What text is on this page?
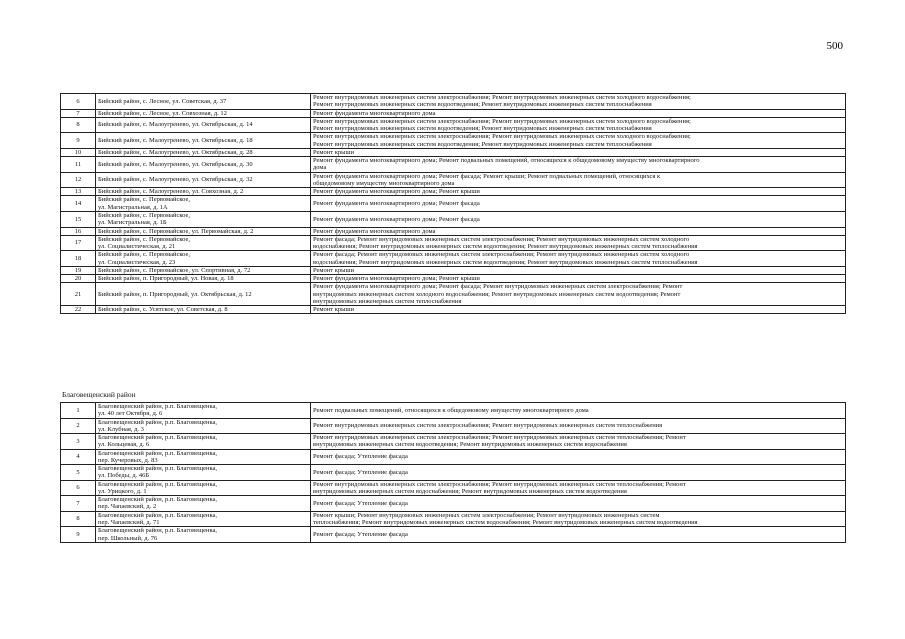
500
6	Бийский район, с. Лесное, ул. Советская, д. 37	Ремонт внутридомовых инженерных систем электроснабжения; Ремонт внутридомовых инженерных систем холодного водоснабжения;
Ремонт внутридомовых инженерных систем водоотведения; Ремонт внутридомовых инженерных систем теплоснабжения

7	Бийский район, с. Лесное, ул. Совхозная, д. 12	Ремонт фундамента многоквартирного дома

8	Бийский район, с. Малоугренево, ул. Октябрьская, д. 14	Ремонт внутридомовых инженерных систем электроснабжения; Ремонт внутридомовых инженерных систем холодного водоснабжения;
Ремонт внутридомовых инженерных систем водоотведения; Ремонт внутридомовых инженерных систем теплоснабжения

9	Бийский район, с. Малоугренево, ул. Октябрьская, д. 18	Ремонт внутридомовых инженерных систем электроснабжения; Ремонт внутридомовых инженерных систем холодного водоснабжения;
Ремонт внутридомовых инженерных систем водоотведения; Ремонт внутридомовых инженерных систем теплоснабжения

10	Бийский район, с. Малоугренево, ул. Октябрьская, д. 28	Ремонт крыши

11	Бийский район, с. Малоугренево, ул. Октябрьская, д. 30	Ремонт фундамента многоквартирного дома; Ремонт подвальных помещений, относящихся к общедомовому имуществу многоквартирного
дома

12	Бийский район, с. Малоугренево, ул. Октябрьская, д. 32	Ремонт фундамента многоквартирного дома; Ремонт фасада; Ремонт крыши; Ремонт подвальных помещений, относящихся к
общедомовому имуществу многоквартирного дома

13	Бийский район, с. Малоугренево, ул. Совхозная, д. 2	Ремонт фундамента многоквартирного дома; Ремонт крыши

14	Бийский район, с. Первомайское,
ул. Магистральная, д. 1А	Ремонт фундамента многоквартирного дома; Ремонт фасада

15	Бийский район, с. Первомайское,
ул. Магистральная, д. 1Б	Ремонт фундамента многоквартирного дома; Ремонт фасада

16	Бийский район, с. Первомайское, ул. Первомайская, д. 2	Ремонт фундамента многоквартирного дома

17	Бийский район, с. Первомайское,
ул. Социалистическая, д. 21	Ремонт фасада; Ремонт внутридомовых инженерных систем электроснабжения; Ремонт внутридомовых инженерных систем холодного
водоснабжения; Ремонт внутридомовых инженерных систем водоотведения; Ремонт внутридомовых инженерных систем теплоснабжения

18	Бийский район, с. Первомайское,
ул. Социалистическая, д. 23	Ремонт фасада; Ремонт внутридомовых инженерных систем электроснабжения; Ремонт внутридомовых инженерных систем холодного
водоснабжения; Ремонт внутридомовых инженерных систем водоотведения; Ремонт внутридомовых инженерных систем теплоснабжения

19	Бийский район, с. Первомайское, ул. Спортивная, д. 72	Ремонт крыши

20	Бийский район, п. Пригородный, ул. Новая, д. 18	Ремонт фундамента многоквартирного дома; Ремонт крыши

21	Бийский район, п. Пригородный, ул. Октябрьская, д. 12	Ремонт фундамента многоквартирного дома; Ремонт фасада; Ремонт внутридомовых инженерных систем электроснабжения; Ремонт
внутридомовых инженерных систем холодного водоснабжения; Ремонт внутридомовых инженерных систем водоотведения; Ремонт
внутридомовых инженерных систем теплоснабжения

22	Бийский район, с. Усятское, ул. Советская, д. 8	Ремонт крыши
Благовещенский район
1	Благовещенский район, р.п. Благовещенка,
ул. 40 лет Октября, д. 6	Ремонт подвальных помещений, относящихся к общедомовому имуществу многоквартирного дома

2	Благовещенский район, р.п. Благовещенка,
ул. Клубная, д. 3	Ремонт внутридомовых инженерных систем электроснабжения; Ремонт внутридомовых инженерных систем теплоснабжения

3	Благовещенский район, р.п. Благовещенка,
ул. Кольцевая, д. 6	Ремонт внутридомовых инженерных систем электроснабжения; Ремонт внутридомовых инженерных систем теплоснабжения; Ремонт
внутридомовых инженерных систем водоотведения; Ремонт внутридомовых инженерных систем водоснабжения

4	Благовещенский район, р.п. Благовещенка,
пер. Кучеровых, д. 83	Ремонт фасада; Утепление фасада

5	Благовещенский район, р.п. Благовещенка,
ул. Победы, д. 46Б	Ремонт фасада; Утепление фасада

6	Благовещенский район, р.п. Благовещенка,
ул. Урицкого, д. 1	Ремонт внутридомовых инженерных систем электроснабжения; Ремонт внутридомовых инженерных систем теплоснабжения; Ремонт
внутридомовых инженерных систем водоснабжения; Ремонт внутридомовых инженерных систем водоотведения

7	Благовещенский район, р.п. Благовещенка,
пер. Чапаевский, д. 2	Ремонт фасада; Утепление фасада

8	Благовещенский район, р.п. Благовещенка,
пер. Чапаевский, д. 71	Ремонт крыши; Ремонт внутридомовых инженерных систем электроснабжения; Ремонт внутридомовых инженерных систем
теплоснабжения; Ремонт внутридомовых инженерных систем водоснабжения; Ремонт внутридомовых инженерных систем водоотведения

9	Благовещенский район, р.п. Благовещенка,
пер. Школьный, д. 76	Ремонт фасада; Утепление фасада
